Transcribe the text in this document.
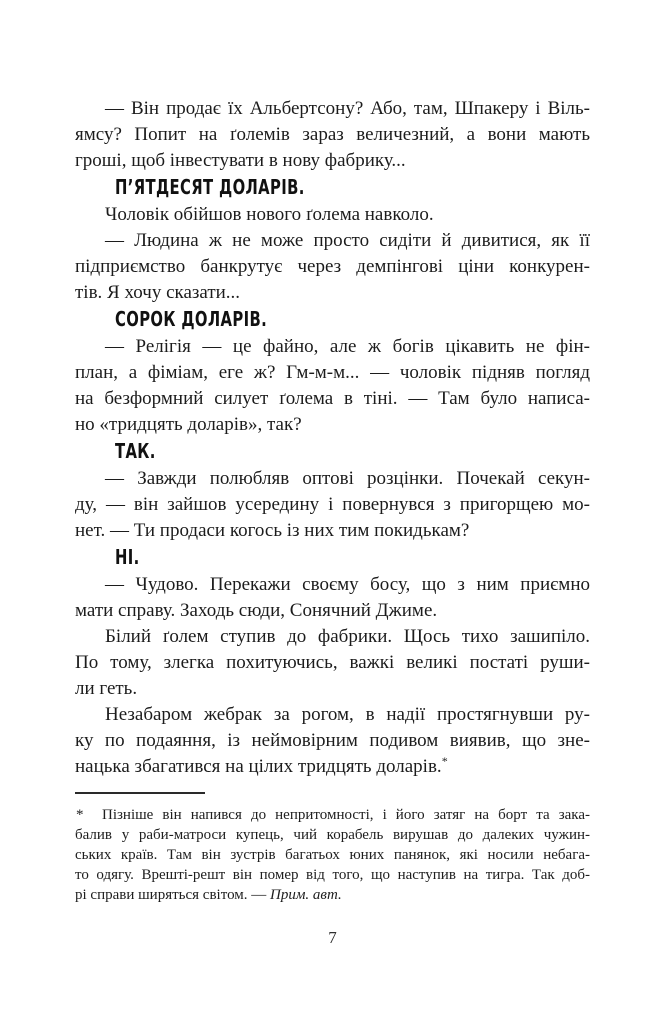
— Він продає їх Альбертсону? Або, там, Шпакеру і Віль-
ямсу? Попит на ґолемів зараз величезний, а вони мають
гроші, щоб інвестувати в нову фабрику...

П’ЯТДЕСЯТ ДОЛАРІВ.

Чоловік обійшов нового ґолема навколо.

— Людина ж не може просто сидіти й дивитися, як її
підприємство банкрутує через демпінгові ціни конкурен-
тів. Я хочу сказати...

СОРОК ДОЛАРІВ.

— Релігія — це файно, але ж богів цікавить не фін-
план, а фіміам, еге ж? Гм-м-м... — чоловік підняв погляд
на безформний силует ґолема в тіні. — Там було написа-
но «тридцять доларів», так?

ТАК.

— Завжди полюбляв оптові розцінки. Почекай секун-
ду, — він зайшов усередину і повернувся з пригорщею мо-
нет. — Ти продаси когось із них тим покидькам?

НІ.

— Чудово. Перекажи своєму босу, що з ним приємно
мати справу. Заходь сюди, Сонячний Джиме.

Білий ґолем ступив до фабрики. Щось тихо зашипіло.
По тому, злегка похитуючись, важкі великі постаті руши-
ли геть.

Незабаром жебрак за рогом, в надії простягнувши ру-
ку по подаяння, із неймовірним подивом виявив, що зне-
нацька збагатився на цілих тридцять доларів.*

* Пізніше він напився до непритомності, і його затяг на борт та зака-
балив у раби-матроси купець, чий корабель вирушав до далеких чужин-
ських країв. Там він зустрів багатьох юних панянок, які носили небага-
то одягу. Врешті-решт він помер від того, що наступив на тигра. Так доб-
рі справи ширяться світом. — Прим. авт.
7
